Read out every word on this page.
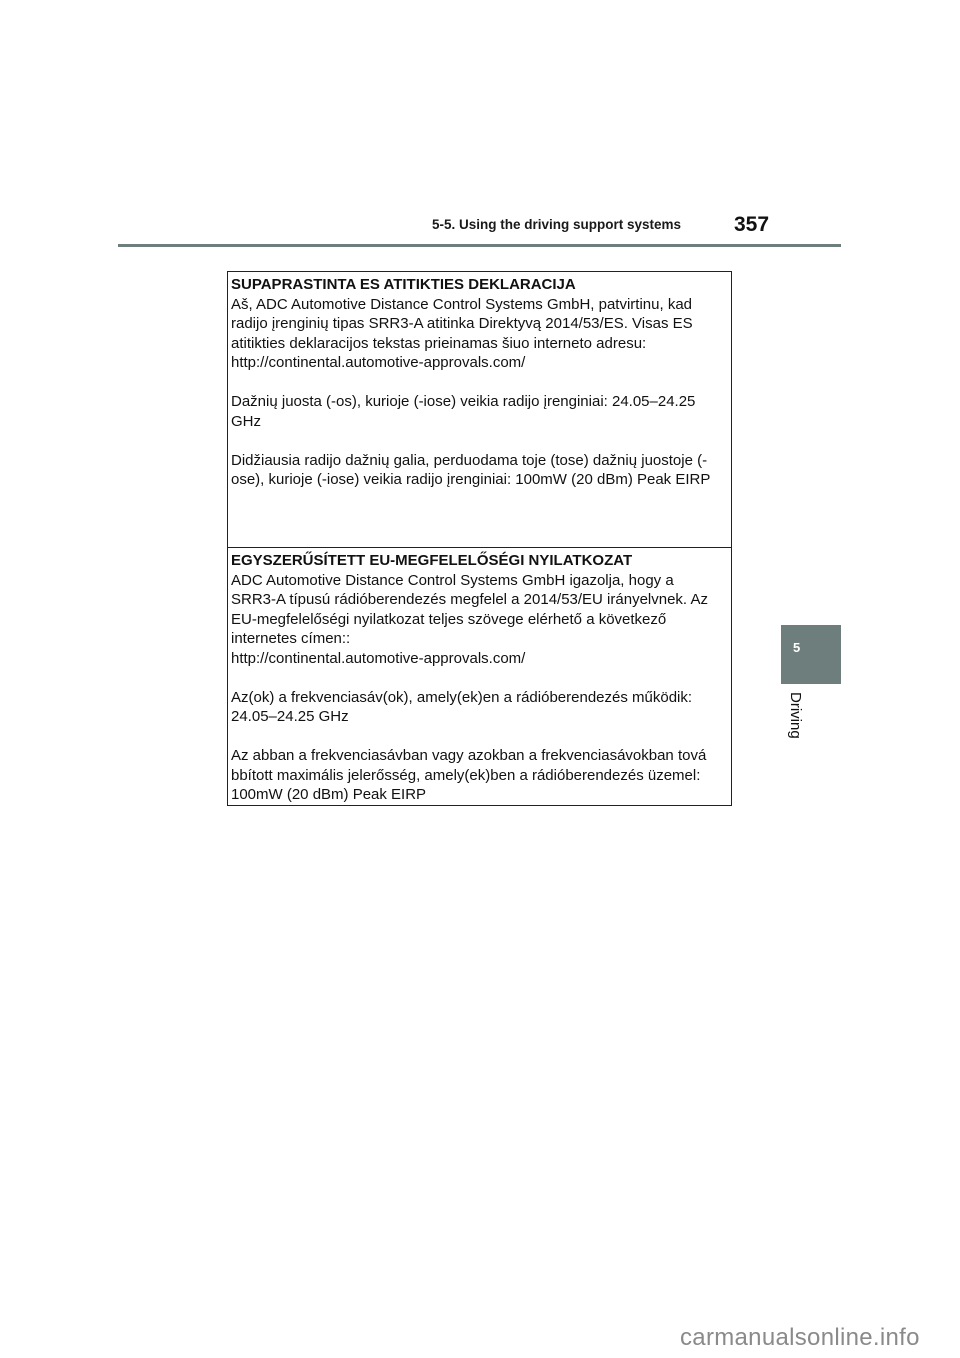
5-5. Using the driving support systems	357
SUPAPRASTINTA ES ATITIKTIES DEKLARACIJA
Aš, ADC Automotive Distance Control Systems GmbH, patvirtinu, kad
radijo įrenginių tipas SRR3-A atitinka Direktyvą 2014/53/ES. Visas ES
atitikties deklaracijos tekstas prieinamas šiuo interneto adresu:
http://continental.automotive-approvals.com/
Dažnių juosta (-os), kurioje (-iose) veikia radijo įrenginiai: 24.05–24.25
GHz
Didžiausia radijo dažnių galia, perduodama toje (tose) dažnių juostoje (-
ose), kurioje (-iose) veikia radijo įrenginiai: 100mW (20 dBm) Peak EIRP
EGYSZERŰSÍTETT EU-MEGFELELŐSÉGI NYILATKOZAT
ADC Automotive Distance Control Systems GmbH igazolja, hogy a
SRR3-A típusú rádióberendezés megfelel a 2014/53/EU irányelvnek. Az
EU-megfelelőségi nyilatkozat teljes szövege elérhető a következő
internetes címen::
http://continental.automotive-approvals.com/
Az(ok) a frekvenciasáv(ok), amely(ek)en a rádióberendezés működik:
24.05–24.25 GHz
Az abban a frekvenciasávban vagy azokban a frekvenciasávokban tová
bbított maximális jelerősség, amely(ek)ben a rádióberendezés üzemel:
100mW (20 dBm) Peak EIRP
5
Driving
carmanualsonline.info
